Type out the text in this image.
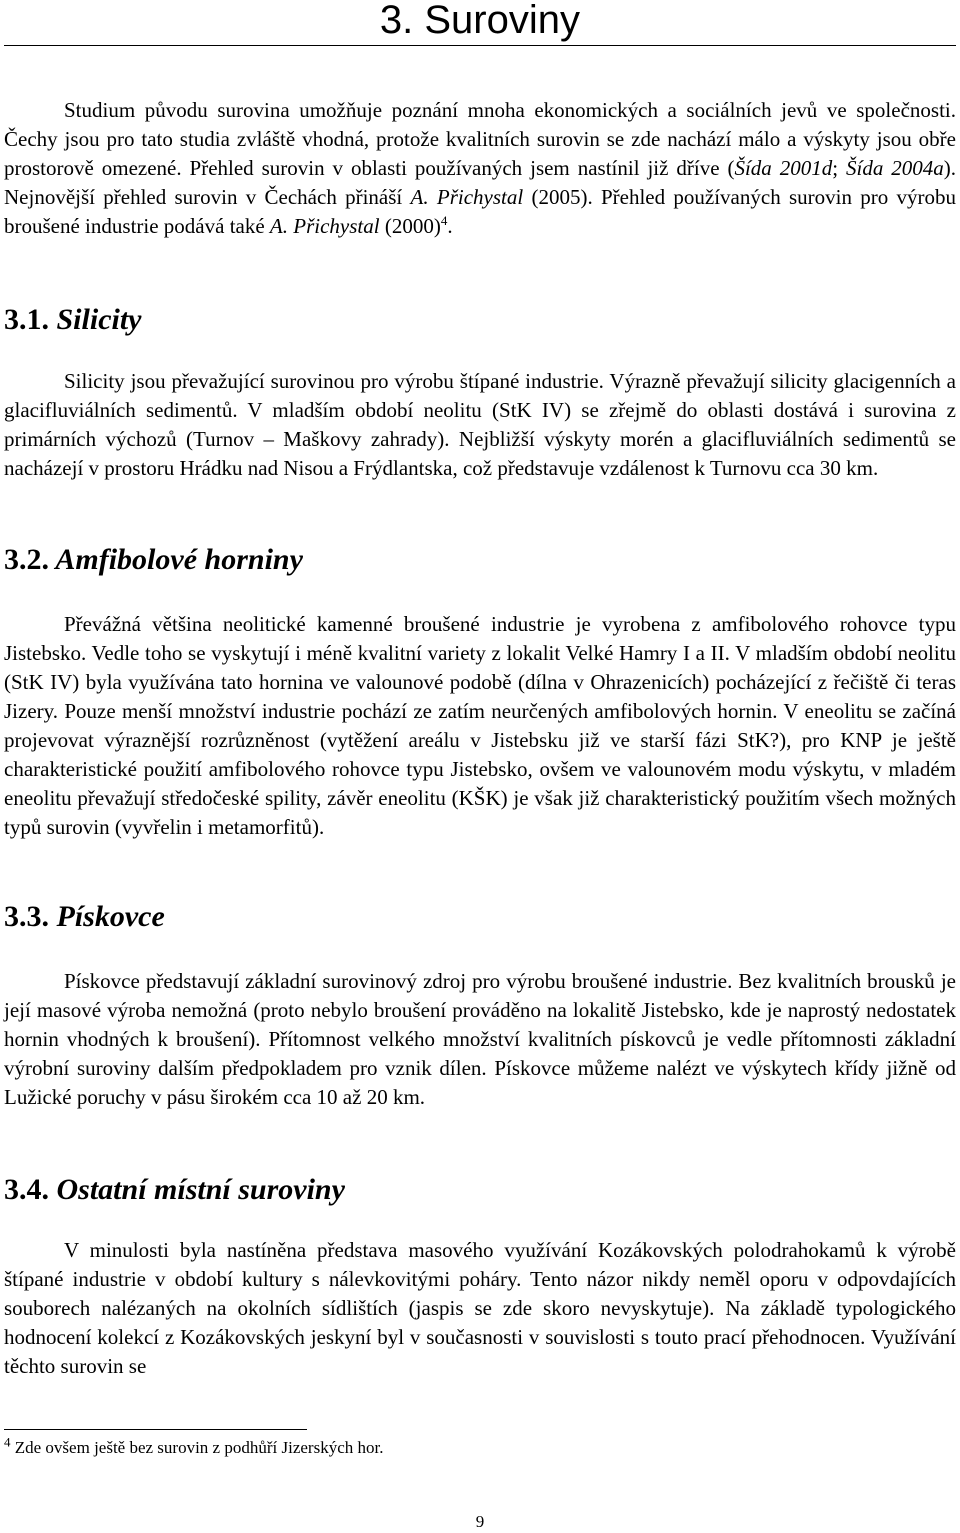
3. Suroviny

Studium původu surovina umožňuje poznání mnoha ekonomických a sociálních jevů ve společnosti. Čechy jsou pro tato studia zvláště vhodná, protože kvalitních surovin se zde nachází málo a výskyty jsou obře prostorově omezené. Přehled surovin v oblasti používaných jsem nastínil již dříve (Šída 2001d; Šída 2004a). Nejnovější přehled surovin v Čechách přináší A. Přichystal (2005). Přehled používaných surovin pro výrobu broušené industrie podává také A. Přichystal $(2000)^4$.

3.1. Silicity

Silicity jsou převažující surovinou pro výrobu štípané industrie. Výrazně převažují silicity glacigenních a glacifluviálních sedimentů. V mladším období neolitu (StK IV) se zřejmě do oblasti dostává i surovina z primárních výchozů (Turnov – Maškovy zahrady). Nejbližší výskyty morén a glacifluviálních sedimentů se nacházejí v prostoru Hrádku nad Nisou a Frýdlantska, což představuje vzdálenost k Turnovu cca 30 km.

3.2. Amfibolové horniny

Převážná většina neolitické kamenné broušené industrie je vyrobena z amfibolového rohovce typu Jistebsko. Vedle toho se vyskytují i méně kvalitní variety z lokalit Velké Hamry I a II. V mladším období neolitu (StK IV) byla využívána tato hornina ve valounové podobě (dílna v Ohrazenicích) pocházející z řečiště či teras Jizery. Pouze menší množství industrie pochází ze zatím neurčených amfibolových hornin. V eneolitu se začíná projevovat výraznější rozrůzněnost (vytěžení areálu v Jistebsku již ve starší fázi StK?), pro KNP je ještě charakteristické použití amfibolového rohovce typu Jistebsko, ovšem ve valounovém modu výskytu, v mladém eneolitu převažují středočeské spility, závěr eneolitu (KŠK) je však již charakteristický použitím všech možných typů surovin (vyvřelin i metamorfitů).

3.3. Pískovce

Pískovce představují základní surovinový zdroj pro výrobu broušené industrie. Bez kvalitních brousků je její masové výroba nemožná (proto nebylo broušení prováděno na lokalitě Jistebsko, kde je naprostý nedostatek hornin vhodných k broušení). Přítomnost velkého množství kvalitních pískovců je vedle přítomnosti základní výrobní suroviny dalším předpokladem pro vznik dílen. Pískovce můžeme nalézt ve výskytech křídy jižně od Lužické poruchy v pásu širokém cca 10 až 20 km.

3.4. Ostatní místní suroviny

V minulosti byla nastíněna představa masového využívání Kozákovských polodrahokamů k výrobě štípané industrie v období kultury s nálevkovitými poháry. Tento názor nikdy neměl oporu v odpovdajících souborech nalézaných na okolních sídlištích (jaspis se zde skoro nevyskytuje). Na základě typologického hodnocení kolekcí z Kozákovských jeskyní byl v současnosti v souvislosti s touto prací přehodnocen. Využívání těchto surovin se

$^4$ Zde ovšem ještě bez surovin z podhůří Jizerských hor.

9
